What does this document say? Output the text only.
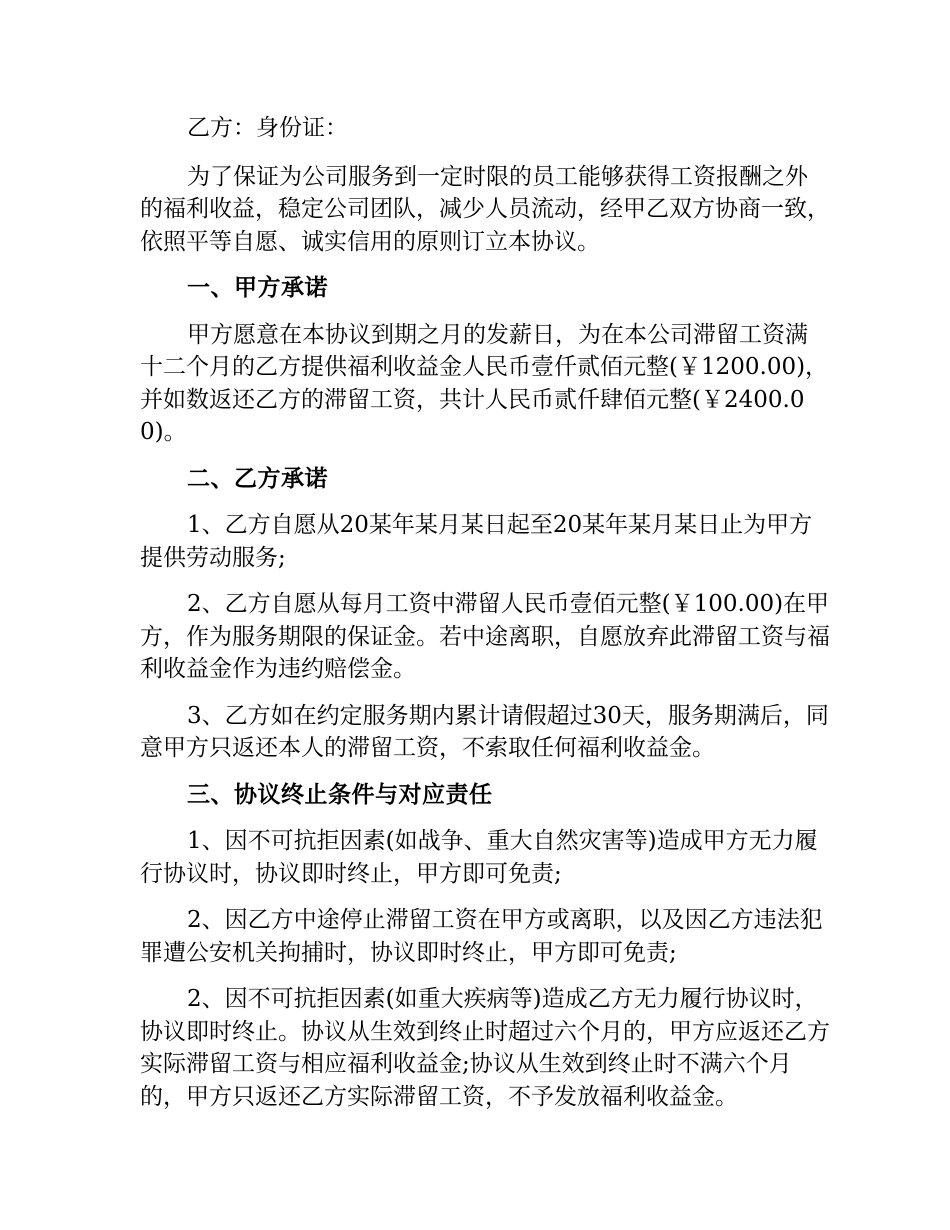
乙方：身份证：

为了保证为公司服务到一定时限的员工能够获得工资报酬之外的福利收益，稳定公司团队，减少人员流动，经甲乙双方协商一致，依照平等自愿、诚实信用的原则订立本协议。

一、甲方承诺

甲方愿意在本协议到期之月的发薪日，为在本公司滞留工资满十二个月的乙方提供福利收益金人民币壹仟贰佰元整(￥1200.00)，并如数返还乙方的滞留工资，共计人民币贰仟肆佰元整(￥2400.00)。

二、乙方承诺

1、乙方自愿从20某年某月某日起至20某年某月某日止为甲方提供劳动服务;

2、乙方自愿从每月工资中滞留人民币壹佰元整(￥100.00)在甲方，作为服务期限的保证金。若中途离职，自愿放弃此滞留工资与福利收益金作为违约赔偿金。

3、乙方如在约定服务期内累计请假超过30天，服务期满后，同意甲方只返还本人的滞留工资，不索取任何福利收益金。

三、协议终止条件与对应责任

1、因不可抗拒因素(如战争、重大自然灾害等)造成甲方无力履行协议时，协议即时终止，甲方即可免责;

2、因乙方中途停止滞留工资在甲方或离职，以及因乙方违法犯罪遭公安机关拘捕时，协议即时终止，甲方即可免责;

2、因不可抗拒因素(如重大疾病等)造成乙方无力履行协议时，协议即时终止。协议从生效到终止时超过六个月的，甲方应返还乙方实际滞留工资与相应福利收益金;协议从生效到终止时不满六个月的，甲方只返还乙方实际滞留工资，不予发放福利收益金。
